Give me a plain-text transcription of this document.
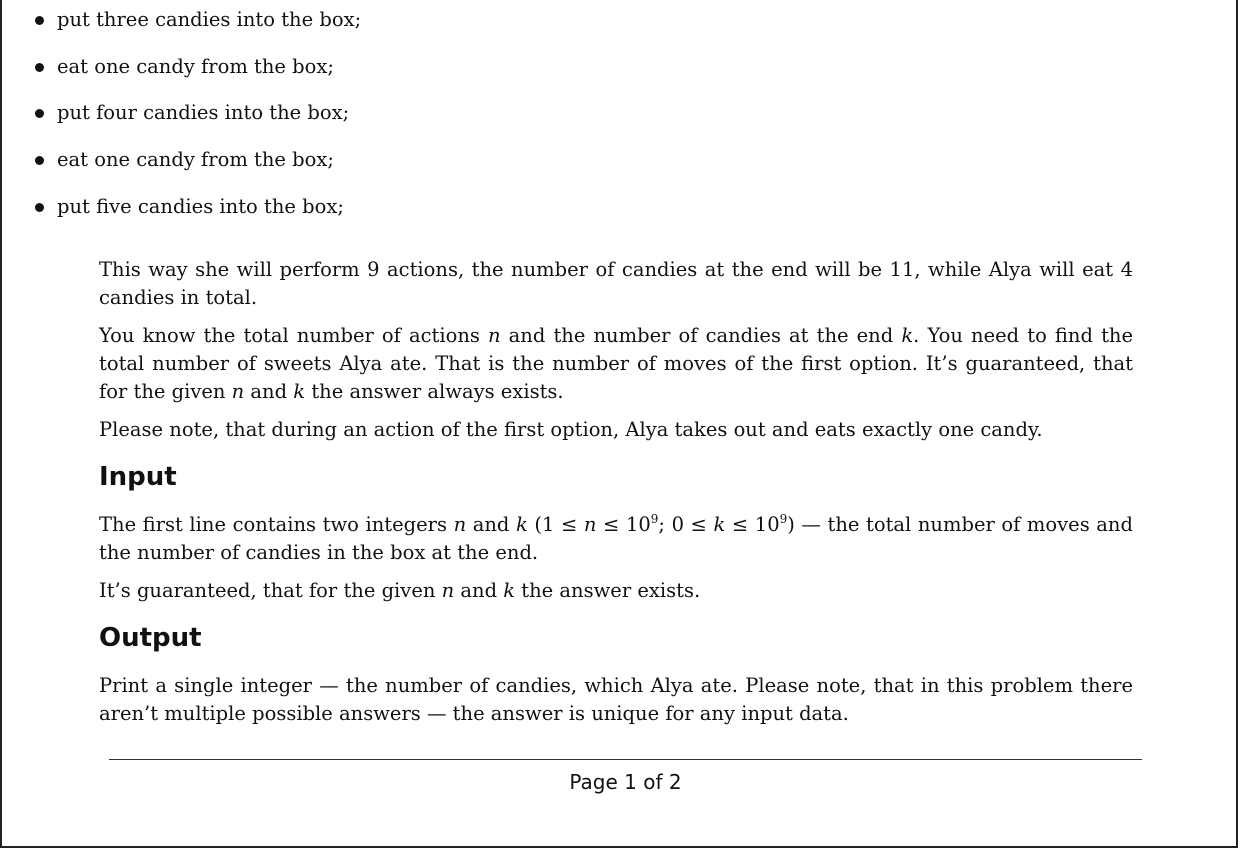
put three candies into the box;
eat one candy from the box;
put four candies into the box;
eat one candy from the box;
put five candies into the box;

This way she will perform 9 actions, the number of candies at the end will be 11, while Alya will eat 4 candies in total.

You know the total number of actions n and the number of candies at the end k. You need to find the total number of sweets Alya ate. That is the number of moves of the first option. It’s guaranteed, that for the given n and k the answer always exists.

Please note, that during an action of the first option, Alya takes out and eats exactly one candy.

Input

The first line contains two integers n and k ($1 \le n \le 10^9$; $0 \le k \le 10^9$) — the total number of moves and the number of candies in the box at the end.

It’s guaranteed, that for the given n and k the answer exists.

Output

Print a single integer — the number of candies, which Alya ate. Please note, that in this problem there aren’t multiple possible answers — the answer is unique for any input data.

Page 1 of 2
